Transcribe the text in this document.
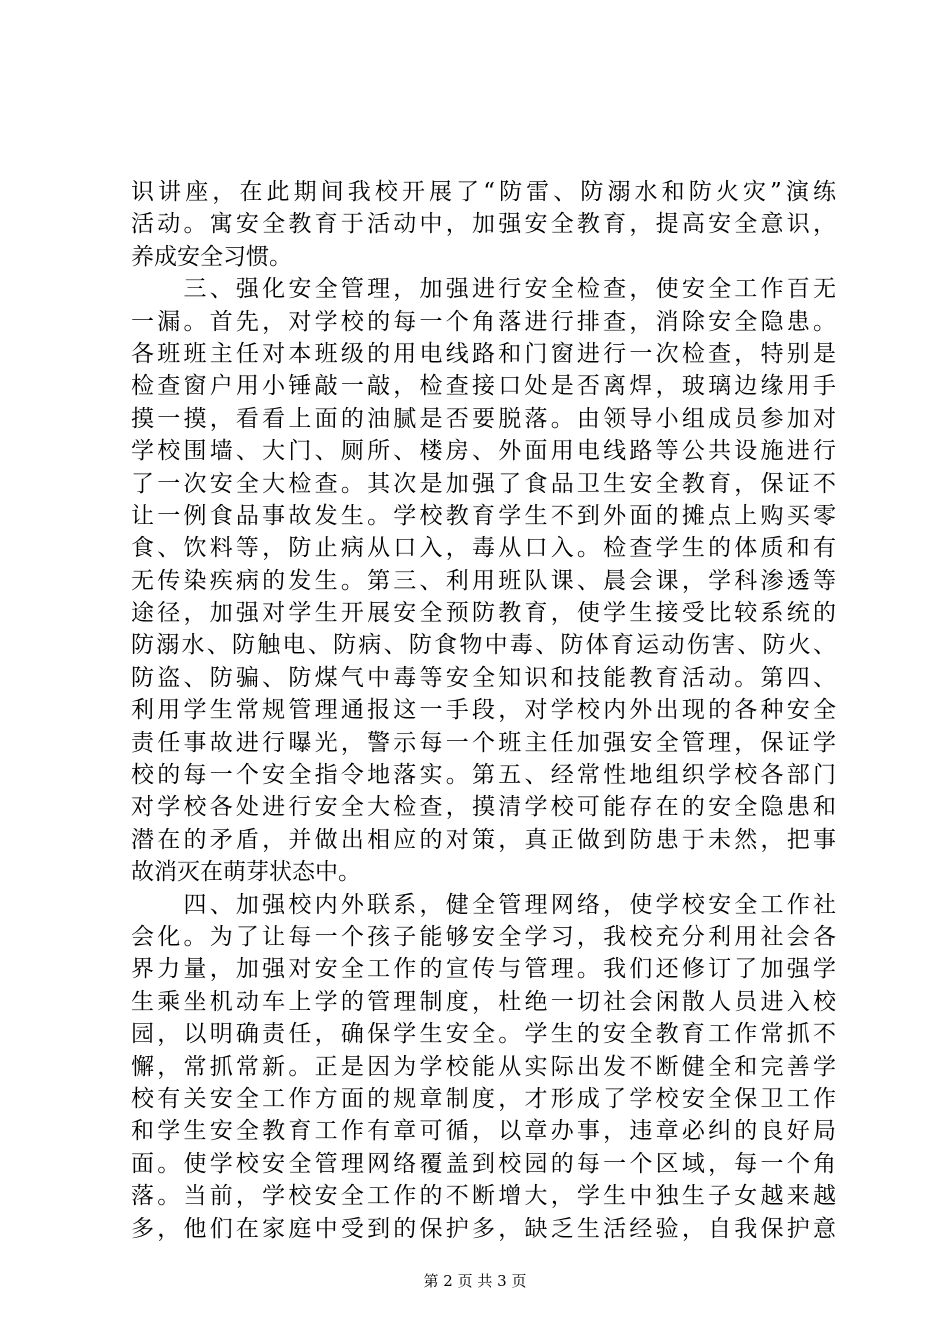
识讲座，在此期间我校开展了“防雷、防溺水和防火灾”演练
活动。寓安全教育于活动中，加强安全教育，提高安全意识，
养成安全习惯。
　　三、强化安全管理，加强进行安全检查，使安全工作百无
一漏。首先，对学校的每一个角落进行排查，消除安全隐患。
各班班主任对本班级的用电线路和门窗进行一次检查，特别是
检查窗户用小锤敲一敲，检查接口处是否离焊，玻璃边缘用手
摸一摸，看看上面的油腻是否要脱落。由领导小组成员参加对
学校围墙、大门、厕所、楼房、外面用电线路等公共设施进行
了一次安全大检查。其次是加强了食品卫生安全教育，保证不
让一例食品事故发生。学校教育学生不到外面的摊点上购买零
食、饮料等，防止病从口入，毒从口入。检查学生的体质和有
无传染疾病的发生。第三、利用班队课、晨会课，学科渗透等
途径，加强对学生开展安全预防教育，使学生接受比较系统的
防溺水、防触电、防病、防食物中毒、防体育运动伤害、防火、
防盗、防骗、防煤气中毒等安全知识和技能教育活动。第四、
利用学生常规管理通报这一手段，对学校内外出现的各种安全
责任事故进行曝光，警示每一个班主任加强安全管理，保证学
校的每一个安全指令地落实。第五、经常性地组织学校各部门
对学校各处进行安全大检查，摸清学校可能存在的安全隐患和
潜在的矛盾，并做出相应的对策，真正做到防患于未然，把事
故消灭在萌芽状态中。
　　四、加强校内外联系，健全管理网络，使学校安全工作社
会化。为了让每一个孩子能够安全学习，我校充分利用社会各
界力量，加强对安全工作的宣传与管理。我们还修订了加强学
生乘坐机动车上学的管理制度，杜绝一切社会闲散人员进入校
园，以明确责任，确保学生安全。学生的安全教育工作常抓不
懈，常抓常新。正是因为学校能从实际出发不断健全和完善学
校有关安全工作方面的规章制度，才形成了学校安全保卫工作
和学生安全教育工作有章可循，以章办事，违章必纠的良好局
面。使学校安全管理网络覆盖到校园的每一个区域，每一个角
落。当前，学校安全工作的不断增大，学生中独生子女越来越
多，他们在家庭中受到的保护多，缺乏生活经验，自我保护意
第 2 页 共 3 页
